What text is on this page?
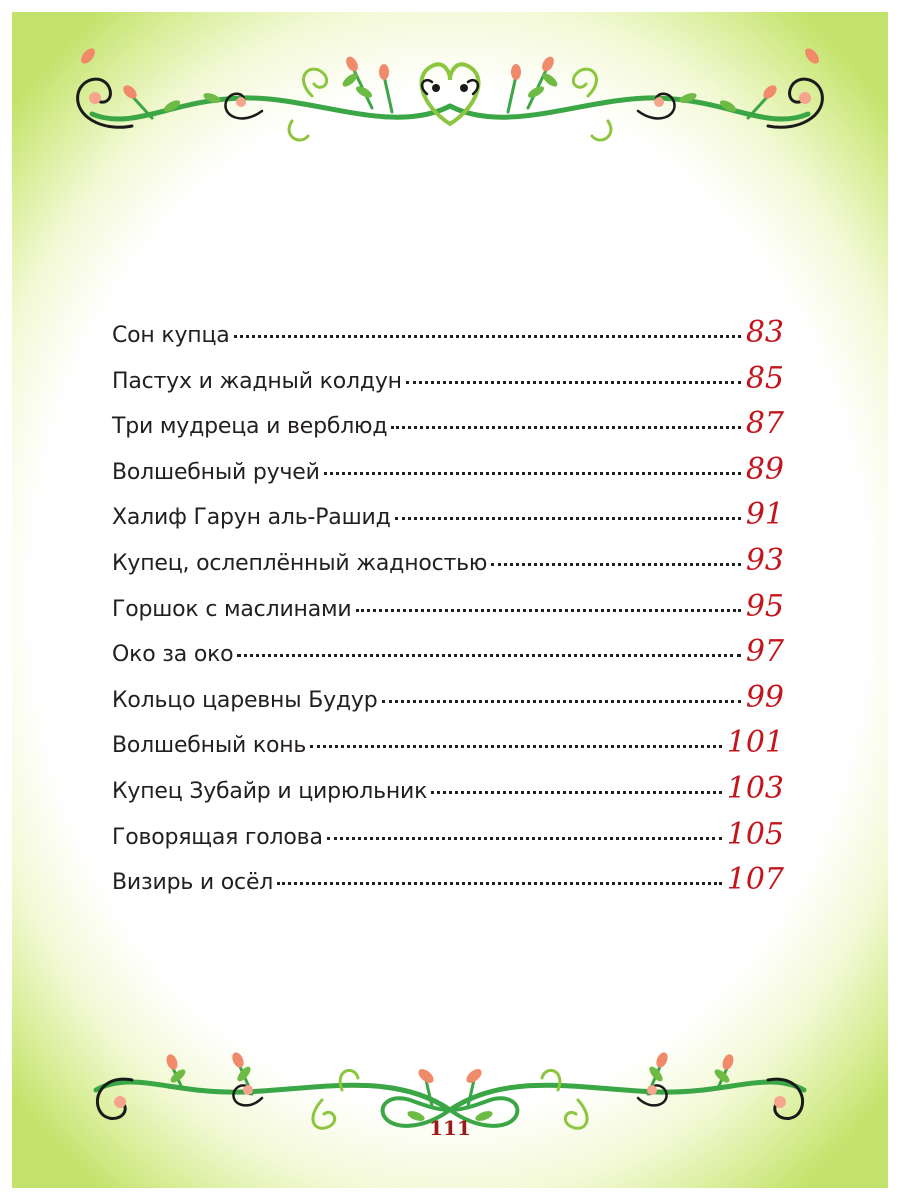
Сон купца	83
Пастух и жадный колдун	85
Три мудреца и верблюд	87
Волшебный ручей	89
Халиф Гарун аль-Рашид	91
Купец, ослеплённый жадностью	93
Горшок с маслинами	95
Око за око	97
Кольцо царевны Будур	99
Волшебный конь	101
Купец Зубайр и цирюльник	103
Говорящая голова	105
Визирь и осёл	107
111
